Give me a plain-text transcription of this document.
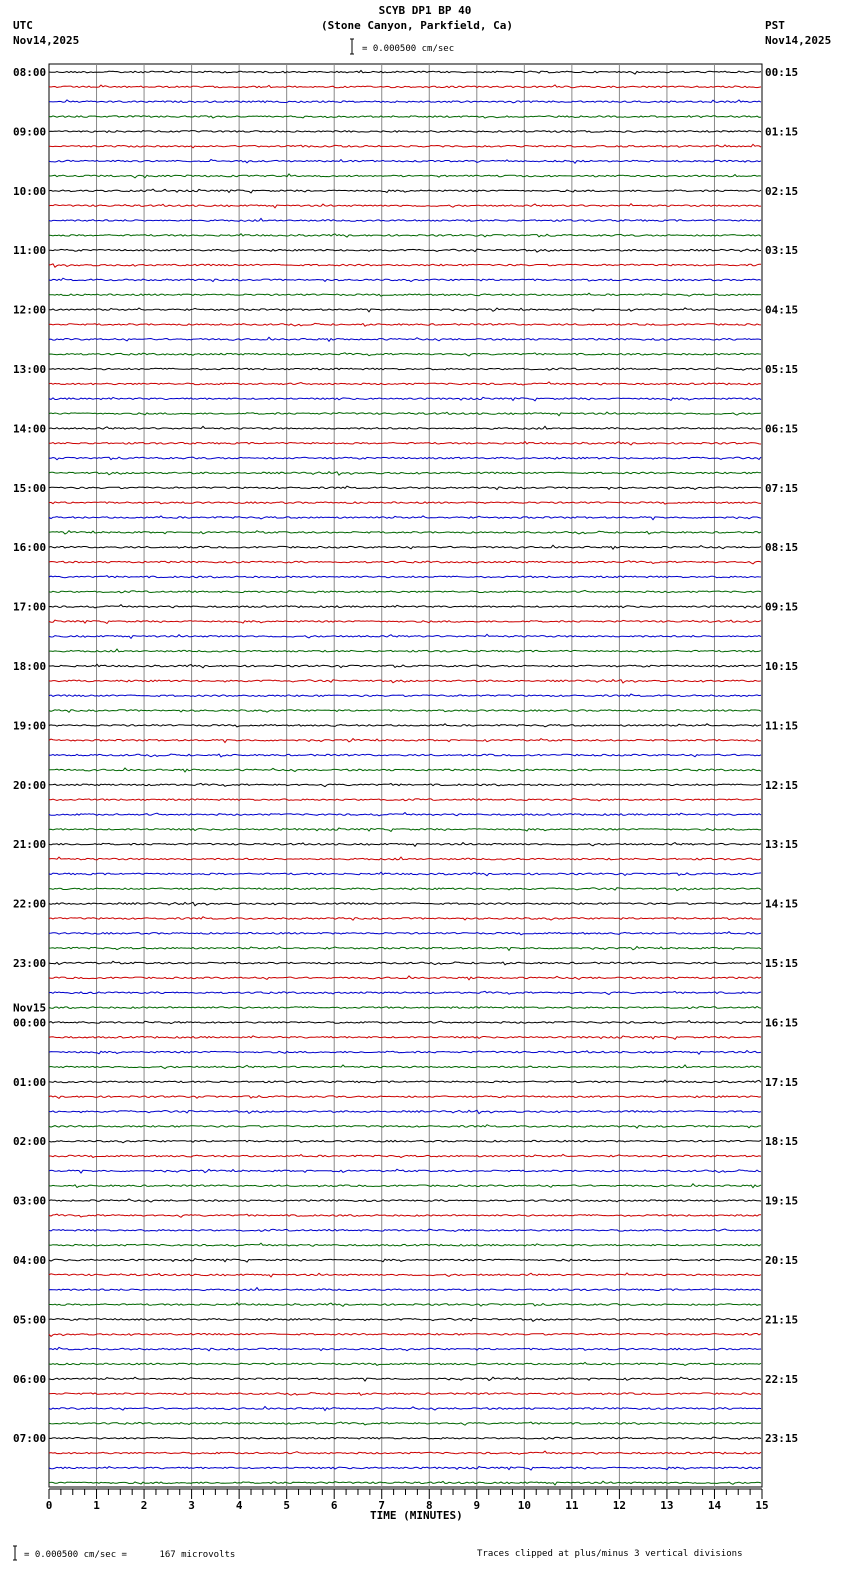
SCYB DP1 BP 40
(Stone Canyon, Parkfield, Ca)
UTC
Nov14,2025
PST
Nov14,2025
= 0.000500 cm/sec
TIME (MINUTES)
= 0.000500 cm/sec =      167 microvolts	Traces clipped at plus/minus 3 vertical divisions
08:00
09:00
10:00
11:00
12:00
13:00
14:00
15:00
16:00
17:00
18:00
19:00
20:00
21:00
22:00
23:00
00:00
01:00
02:00
03:00
04:00
05:00
06:00
07:00
00:15
01:15
02:15
03:15
04:15
05:15
06:15
07:15
08:15
09:15
10:15
11:15
12:15
13:15
14:15
15:15
16:15
17:15
18:15
19:15
20:15
21:15
22:15
23:15
Nov15
0	1	2	3	4	5	6	7	8	9	10	11	12	13	14	15
